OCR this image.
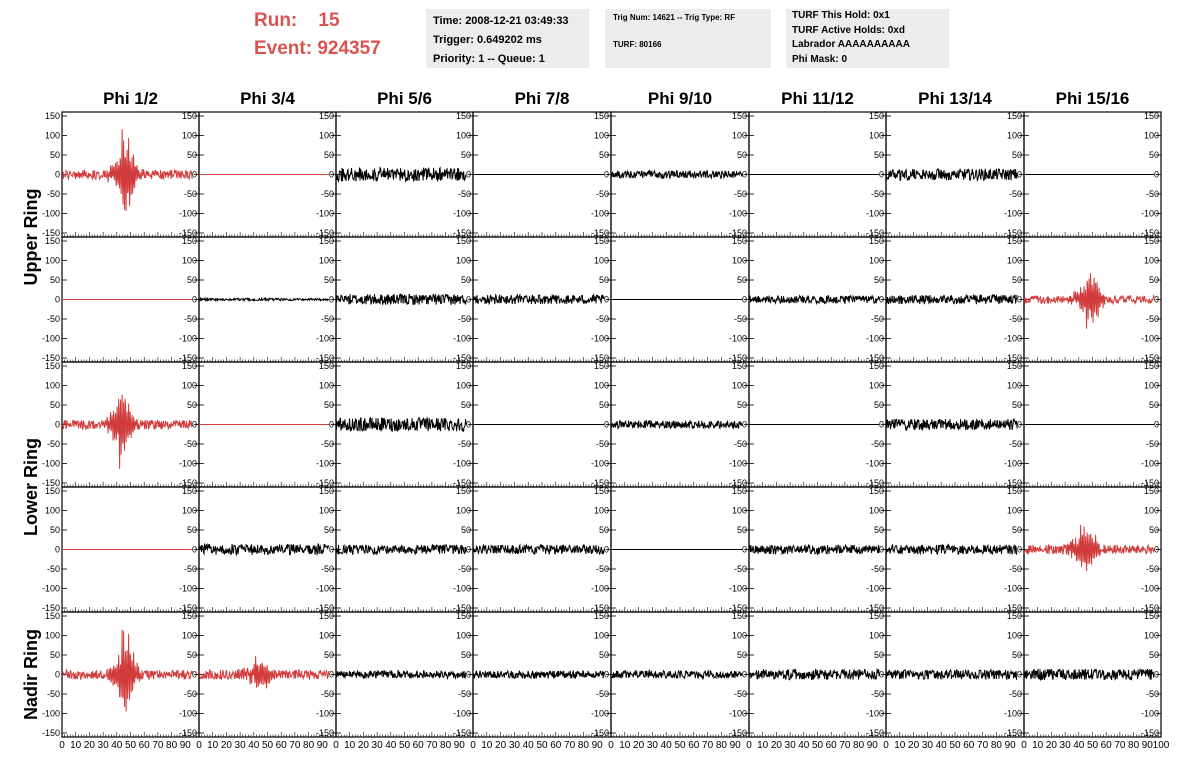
Run:    15
Event: 924357
Time: 2008-12-21 03:49:33
Trigger: 0.649202 ms
Priority: 1 -- Queue: 1
Trig Num: 14621 -- Trig Type: RF
TURF: 80166
TURF This Hold: 0x1
TURF Active Holds: 0xd
Labrador AAAAAAAAAA
Phi Mask: 0
Phi 1/2	Phi 3/4	Phi 5/6	Phi 7/8	Phi 9/10	Phi 11/12	Phi 13/14	Phi 15/16
Upper Ring
Lower Ring
Nadir Ring
150	150
100	100
50	50
0	0
-50	-50
-100	-100
-150	-150
150
100
50
0
-50
-100
-150
150
100
50
0
-50
-100
-150
150
100
50
0
-50
-100
-150
150
100
50
0
-50
-100
-150
150
100
50
0
-50
-100
-150
150
100
50
0
-50
-100
-150
150
100
50
0
-50
-100
-150
150	150
100	100
50	50
0	0
-50	-50
-100	-100
-150	-150
150
100
50
0
-50
-100
-150
150
100
50
0
-50
-100
-150
150
100
50
0
-50
-100
-150
150
100
50
0
-50
-100
-150
150
100
50
0
-50
-100
-150
150
100
50
0
-50
-100
-150
150
100
50
0
-50
-100
-150
150	150
100	100
50	50
0	0
-50	-50
-100	-100
-150	-150
150
100
50
0
-50
-100
-150
150
100
50
0
-50
-100
-150
150
100
50
0
-50
-100
-150
150
100
50
0
-50
-100
-150
150
100
50
0
-50
-100
-150
150
100
50
0
-50
-100
-150
150
100
50
0
-50
-100
-150
150	150
100	100
50	50
0	0
-50	-50
-100	-100
-150	-150
150
100
50
0
-50
-100
-150
150
100
50
0
-50
-100
-150
150
100
50
0
-50
-100
-150
150
100
50
0
-50
-100
-150
150
100
50
0
-50
-100
-150
150
100
50
0
-50
-100
-150
150
100
50
0
-50
-100
-150
150	150
100	100
50	50
0	0
-50	-50
-100	-100
-150	-150
150
100
50
0
-50
-100
-150
150
100
50
0
-50
-100
-150
150
100
50
0
-50
-100
-150
150
100
50
0
-50
-100
-150
150
100
50
0
-50
-100
-150
150
100
50
0
-50
-100
-150
150
100
50
0
-50
-100
-150
0 10 20 30 40 50 60 70 80 90 0 10 20 30 40 50 60 70 80 90 0 10 20 30 40 50 60 70 80 90 0 10 20 30 40 50 60 70 80 90 0 10 20 30 40 50 60 70 80 90 0 10 20 30 40 50 60 70 80 90 0 10 20 30 40 50 60 70 80 90 0 10 20 30 40 50 60 70 80 90 100
